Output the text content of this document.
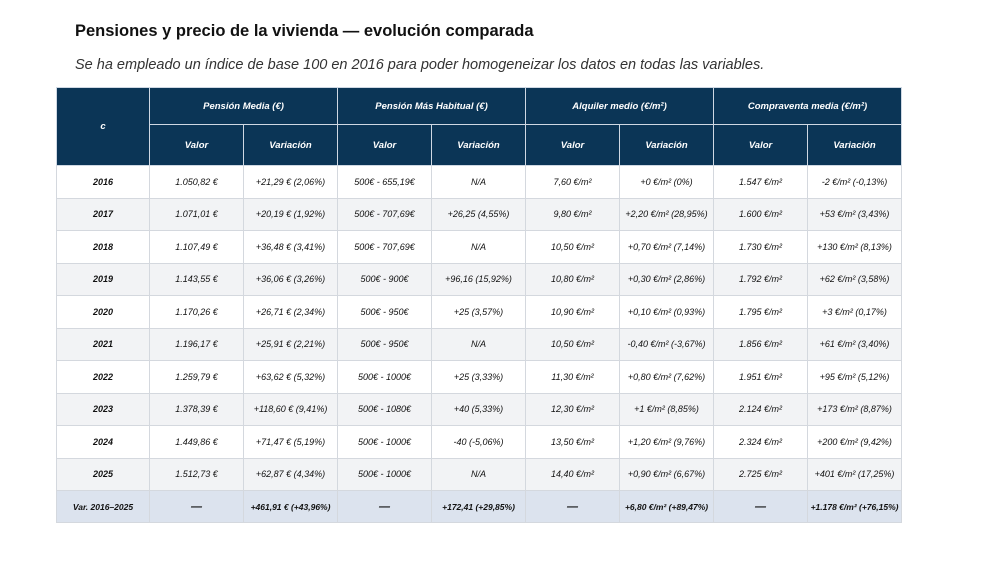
Pensiones y precio de la vivienda — evolución comparada
Se ha empleado un índice de base 100 en 2016 para poder homogeneizar los datos en todas las variables.
c	Pensión Media (€)		Pensión Más Habitual (€)		Alquiler medio (€/m²)		Compraventa media (€/m²)	
	Valor	Variación	Valor	Variación	Valor	Variación	Valor	Variación
2016	1.050,82 €	+21,29 € (2,06%)	500€ - 655,19€	N/A	7,60 €/m²	+0 €/m² (0%)	1.547 €/m²	-2 €/m² (-0,13%)
2017	1.071,01 €	+20,19 € (1,92%)	500€ - 707,69€	+26,25 (4,55%)	9,80 €/m²	+2,20 €/m² (28,95%)	1.600 €/m²	+53 €/m² (3,43%)
2018	1.107,49 €	+36,48 € (3,41%)	500€ - 707,69€	N/A	10,50 €/m²	+0,70 €/m² (7,14%)	1.730 €/m²	+130 €/m² (8,13%)
2019	1.143,55 €	+36,06 € (3,26%)	500€ - 900€	+96,16 (15,92%)	10,80 €/m²	+0,30 €/m² (2,86%)	1.792 €/m²	+62 €/m² (3,58%)
2020	1.170,26 €	+26,71 € (2,34%)	500€ - 950€	+25 (3,57%)	10,90 €/m²	+0,10 €/m² (0,93%)	1.795 €/m²	+3 €/m² (0,17%)
2021	1.196,17 €	+25,91 € (2,21%)	500€ - 950€	N/A	10,50 €/m²	-0,40 €/m² (-3,67%)	1.856 €/m²	+61 €/m² (3,40%)
2022	1.259,79 €	+63,62 € (5,32%)	500€ - 1000€	+25 (3,33%)	11,30 €/m²	+0,80 €/m² (7,62%)	1.951 €/m²	+95 €/m² (5,12%)
2023	1.378,39 €	+118,60 € (9,41%)	500€ - 1080€	+40 (5,33%)	12,30 €/m²	+1 €/m² (8,85%)	2.124 €/m²	+173 €/m² (8,87%)
2024	1.449,86 €	+71,47 € (5,19%)	500€ - 1000€	-40 (-5,06%)	13,50 €/m²	+1,20 €/m² (9,76%)	2.324 €/m²	+200 €/m² (9,42%)
2025	1.512,73 €	+62,87 € (4,34%)	500€ - 1000€	N/A	14,40 €/m²	+0,90 €/m² (6,67%)	2.725 €/m²	+401 €/m² (17,25%)
Var. 2016–2025	—	+461,91 € (+43,96%)	—	+172,41 (+29,85%)	—	+6,80 €/m² (+89,47%)	—	+1.178 €/m² (+76,15%)
